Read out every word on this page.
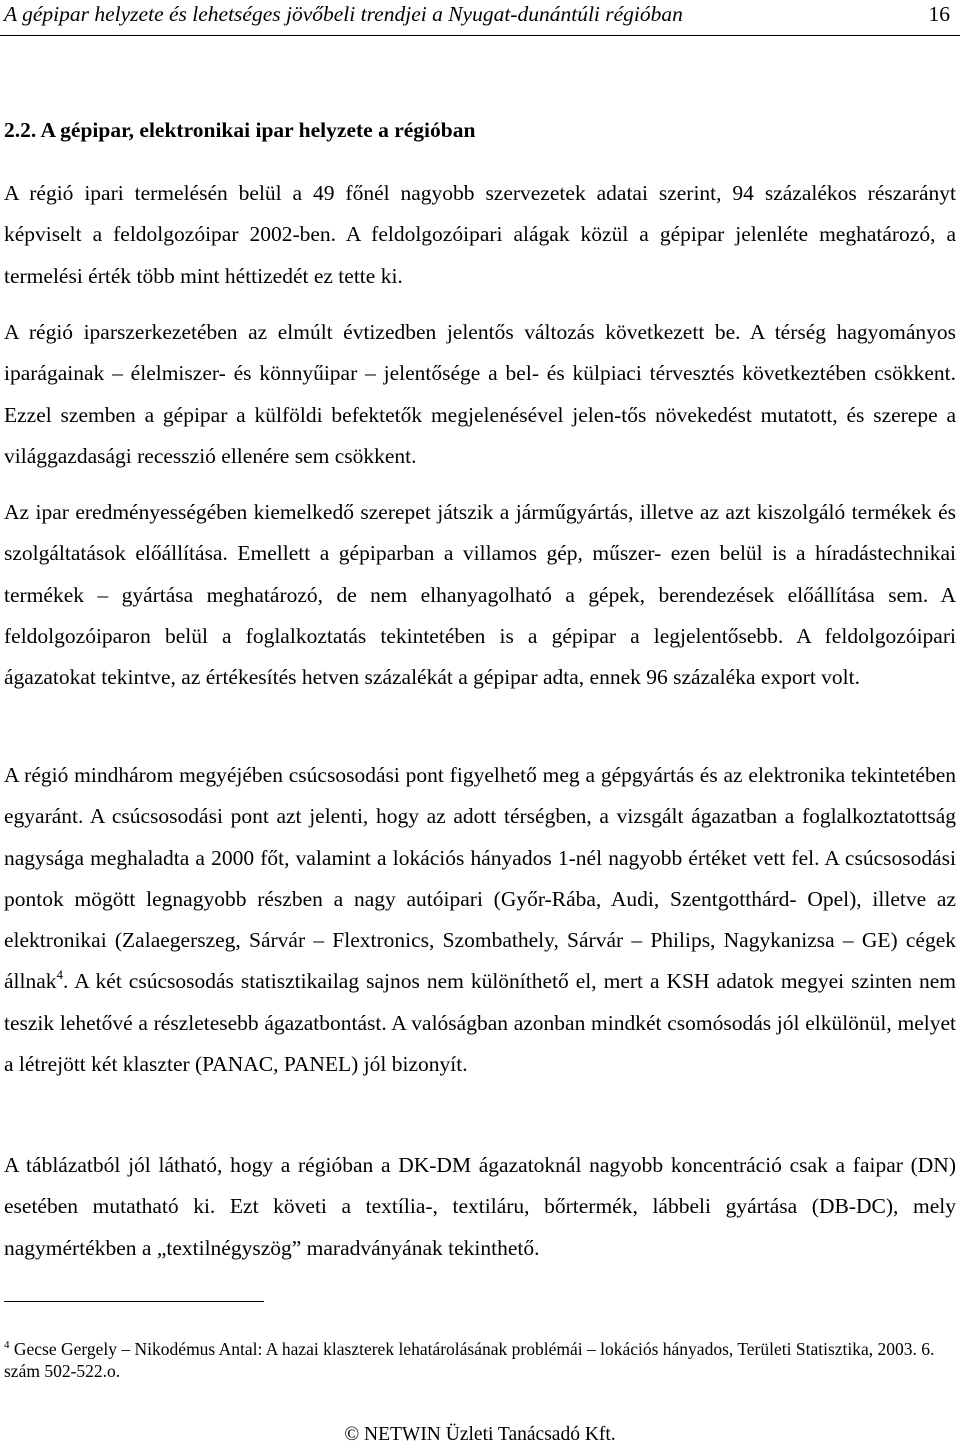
A gépipar helyzete és lehetséges jövőbeli trendjei a Nyugat-dunántúli régióban	16
2.2. A gépipar, elektronikai ipar helyzete a régióban

A régió ipari termelésén belül a 49 főnél nagyobb szervezetek adatai szerint, 94 százalékos részarányt képviselt a feldolgozóipar 2002-ben. A feldolgozóipari alágak közül a gépipar jelenléte meghatározó, a termelési érték több mint héttizedét ez tette ki.

A régió iparszerkezetében az elmúlt évtizedben jelentős változás következett be. A térség hagyományos iparágainak – élelmiszer- és könnyűipar – jelentősége a bel- és külpiaci térvesztés következtében csökkent. Ezzel szemben a gépipar a külföldi befektetők megjelenésével jelen-tős növekedést mutatott, és szerepe a világgazdasági recesszió ellenére sem csökkent.

Az ipar eredményességében kiemelkedő szerepet játszik a járműgyártás, illetve az azt kiszolgáló termékek és szolgáltatások előállítása. Emellett a gépiparban a villamos gép, műszer- ezen belül is a híradástechnikai termékek – gyártása meghatározó, de nem elhanyagolható a gépek, berendezések előállítása sem. A feldolgozóiparon belül a foglalkoztatás tekintetében is a gépipar a legjelentősebb. A feldolgozóipari ágazatokat tekintve, az értékesítés hetven százalékát a gépipar adta, ennek 96 százaléka export volt.

A régió mindhárom megyéjében csúcsosodási pont figyelhető meg a gépgyártás és az elektronika tekintetében egyaránt. A csúcsosodási pont azt jelenti, hogy az adott térségben, a vizsgált ágazatban a foglalkoztatottság nagysága meghaladta a 2000 főt, valamint a lokációs hányados 1-nél nagyobb értéket vett fel. A csúcsosodási pontok mögött legnagyobb részben a nagy autóipari (Győr-Rába, Audi, Szentgotthárd- Opel), illetve az elektronikai (Zalaegerszeg, Sárvár – Flextronics, Szombathely, Sárvár – Philips, Nagykanizsa – GE) cégek állnak$^4$. A két csúcsosodás statisztikailag sajnos nem különíthető el, mert a KSH adatok megyei szinten nem teszik lehetővé a részletesebb ágazatbontást. A valóságban azonban mindkét csomósodás jól elkülönül, melyet a létrejött két klaszter (PANAC, PANEL) jól bizonyít.

A táblázatból jól látható, hogy a régióban a DK-DM ágazatoknál nagyobb koncentráció csak a faipar (DN) esetében mutatható ki. Ezt követi a textília-, textiláru, bőrtermék, lábbeli gyártása (DB-DC), mely nagymértékben a „textilnégyszög” maradványának tekinthető.

$^4$ Gecse Gergely – Nikodémus Antal: A hazai klaszterek lehatárolásának problémái – lokációs hányados, Területi Statisztika, 2003. 6. szám 502-522.o.
© NETWIN Üzleti Tanácsadó Kft.
